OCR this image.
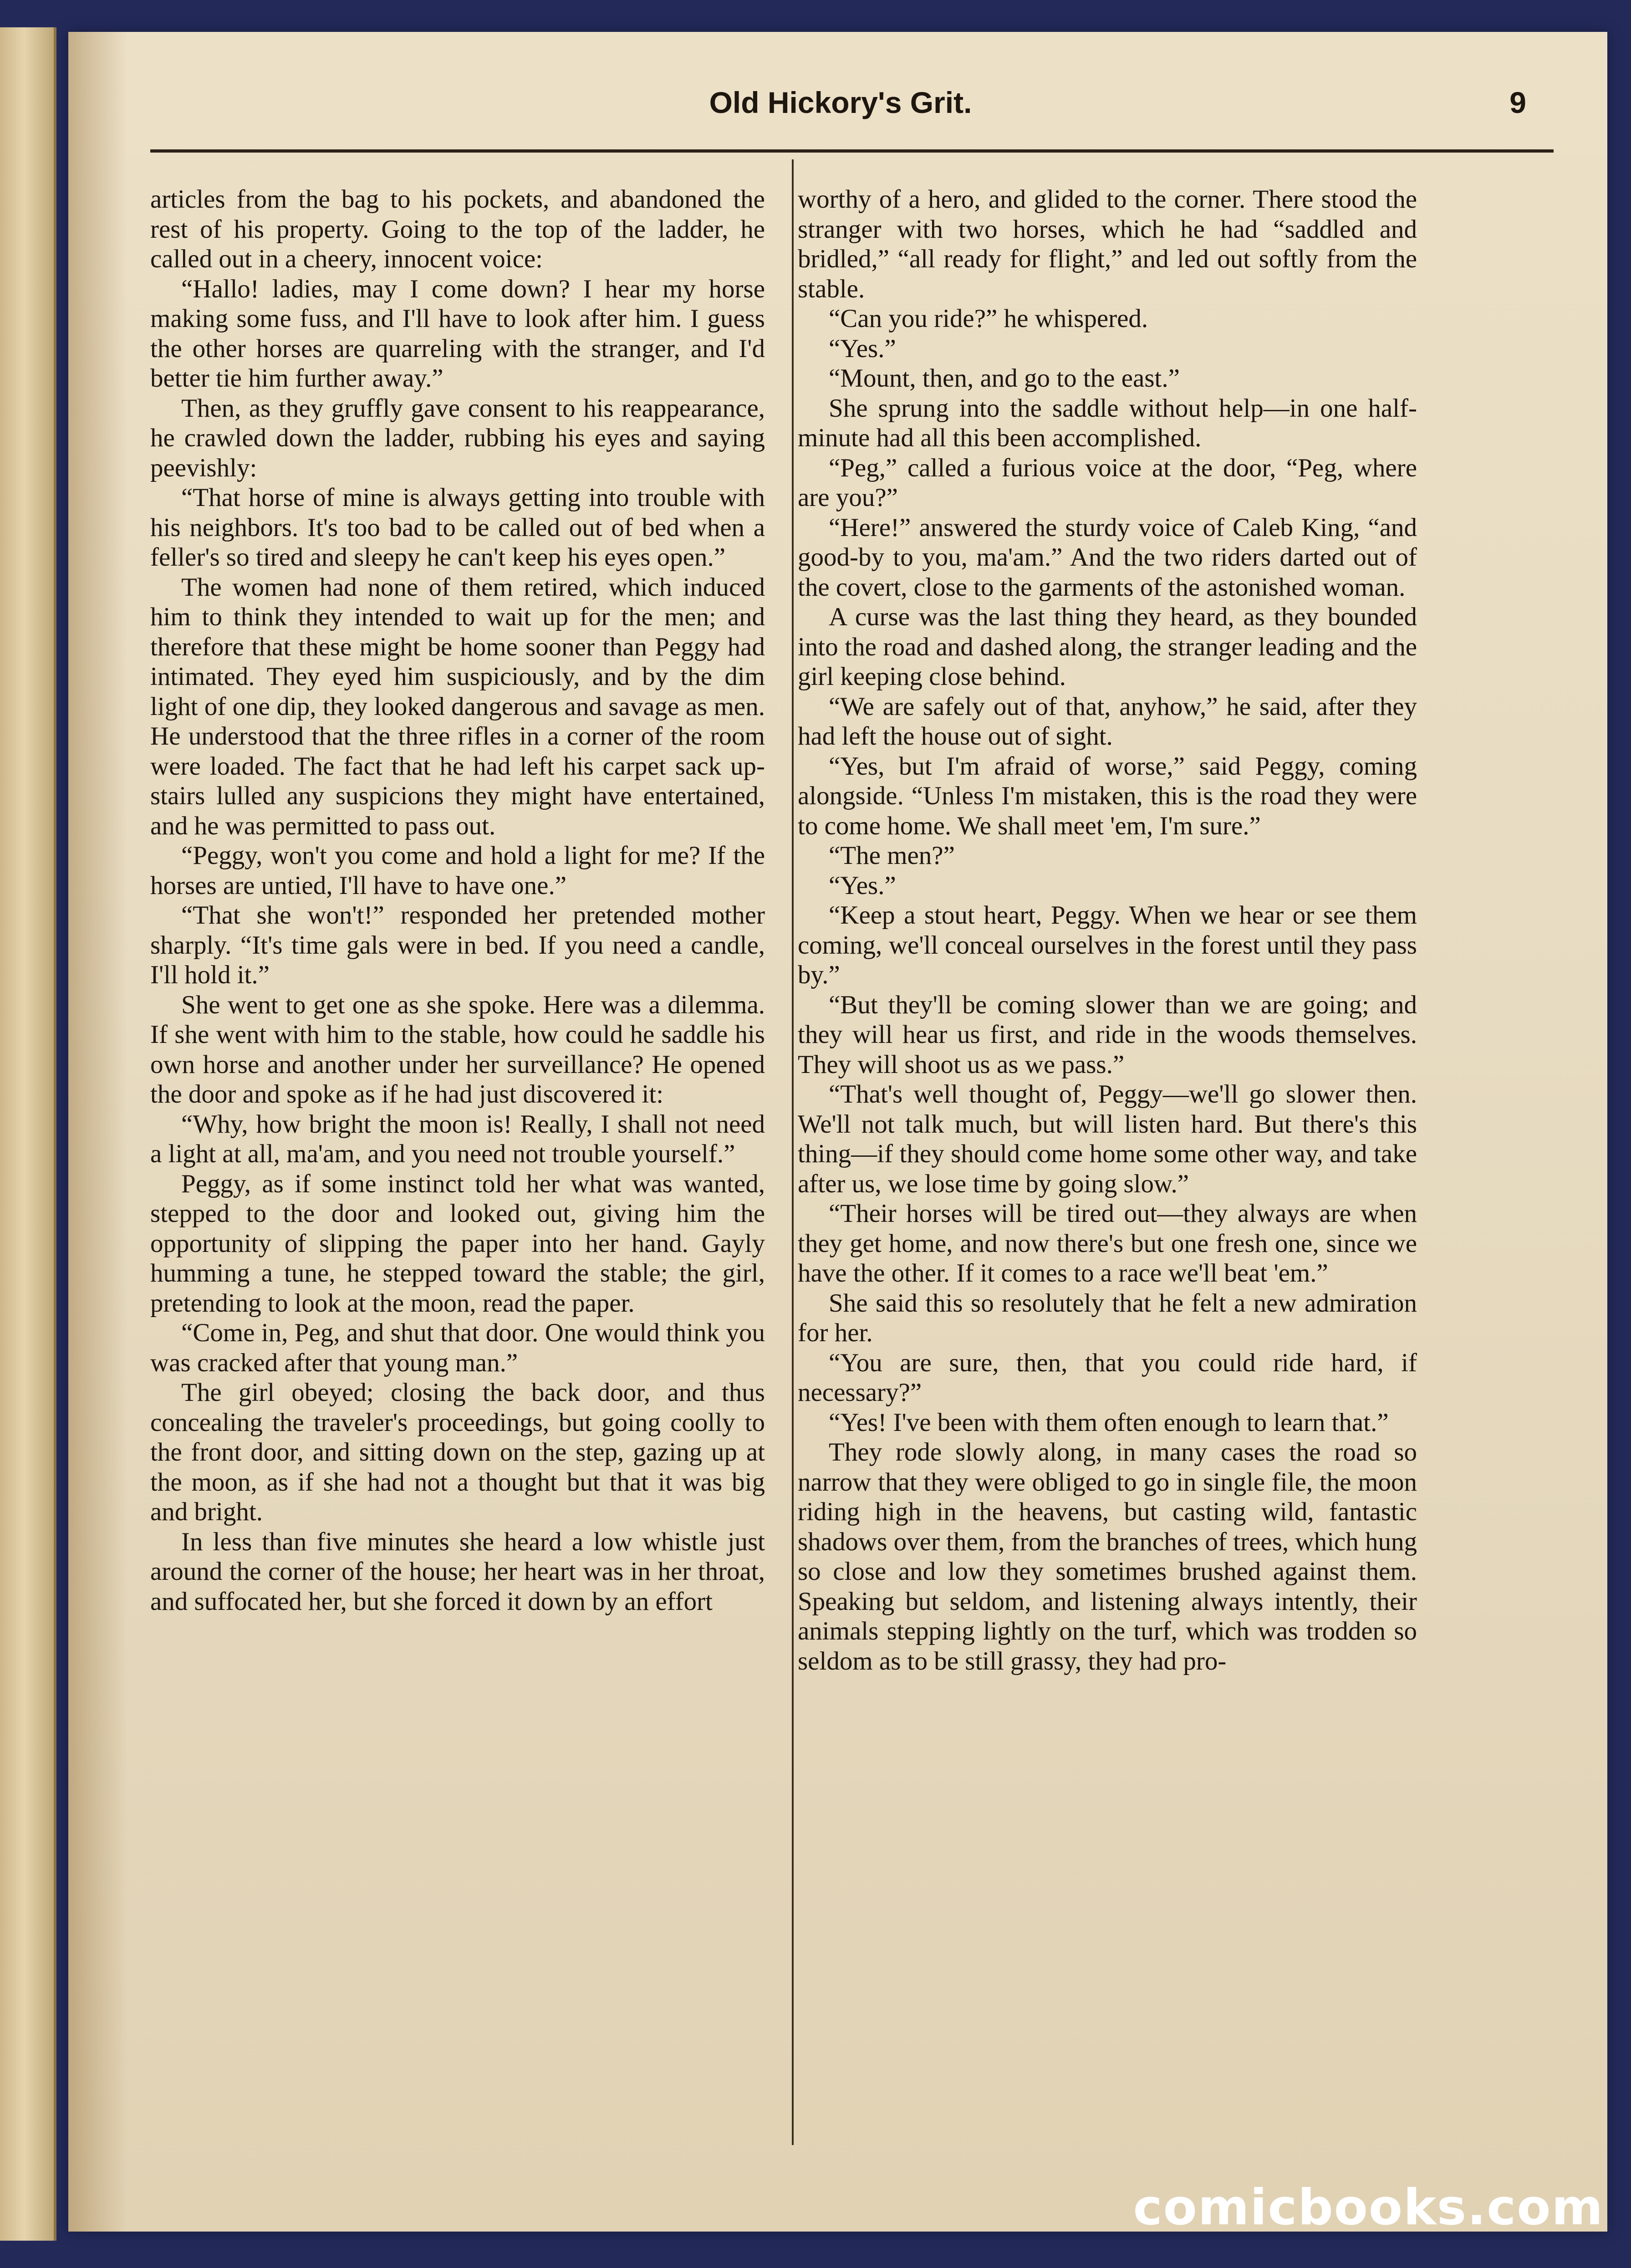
Old Hickory's Grit.	9

articles from the bag to his pockets, and abandoned the rest of his property. Going to the top of the ladder, he called out in a cheery, innocent voice:

“Hallo! ladies, may I come down? I hear my horse making some fuss, and I'll have to look after him. I guess the other horses are quarreling with the stranger, and I'd better tie him further away.”

Then, as they gruffly gave consent to his reappearance, he crawled down the ladder, rubbing his eyes and saying peevishly:

“That horse of mine is always getting into trouble with his neighbors. It's too bad to be called out of bed when a feller's so tired and sleepy he can't keep his eyes open.”

The women had none of them retired, which induced him to think they intended to wait up for the men; and therefore that these might be home sooner than Peggy had intimated. They eyed him suspiciously, and by the dim light of one dip, they looked dangerous and savage as men. He understood that the three rifles in a corner of the room were loaded. The fact that he had left his carpet sack up-stairs lulled any suspicions they might have entertained, and he was permitted to pass out.

“Peggy, won't you come and hold a light for me? If the horses are untied, I'll have to have one.”

“That she won't!” responded her pretended mother sharply. “It's time gals were in bed. If you need a candle, I'll hold it.”

She went to get one as she spoke. Here was a dilemma. If she went with him to the stable, how could he saddle his own horse and another under her surveillance? He opened the door and spoke as if he had just discovered it:

“Why, how bright the moon is! Really, I shall not need a light at all, ma'am, and you need not trouble yourself.”

Peggy, as if some instinct told her what was wanted, stepped to the door and looked out, giving him the opportunity of slipping the paper into her hand. Gayly humming a tune, he stepped toward the stable; the girl, pretending to look at the moon, read the paper.

“Come in, Peg, and shut that door. One would think you was cracked after that young man.”

The girl obeyed; closing the back door, and thus concealing the traveler's proceedings, but going coolly to the front door, and sitting down on the step, gazing up at the moon, as if she had not a thought but that it was big and bright.

In less than five minutes she heard a low whistle just around the corner of the house; her heart was in her throat, and suffocated her, but she forced it down by an effort

worthy of a hero, and glided to the corner. There stood the stranger with two horses, which he had “saddled and bridled,” “all ready for flight,” and led out softly from the stable.

“Can you ride?” he whispered.

“Yes.”

“Mount, then, and go to the east.”

She sprung into the saddle without help—in one half-minute had all this been accomplished.

“Peg,” called a furious voice at the door, “Peg, where are you?”

“Here!” answered the sturdy voice of Caleb King, “and good-by to you, ma'am.” And the two riders darted out of the covert, close to the garments of the astonished woman.

A curse was the last thing they heard, as they bounded into the road and dashed along, the stranger leading and the girl keeping close behind.

“We are safely out of that, anyhow,” he said, after they had left the house out of sight.

“Yes, but I'm afraid of worse,” said Peggy, coming alongside. “Unless I'm mistaken, this is the road they were to come home. We shall meet 'em, I'm sure.”

“The men?”

“Yes.”

“Keep a stout heart, Peggy. When we hear or see them coming, we'll conceal ourselves in the forest until they pass by.”

“But they'll be coming slower than we are going; and they will hear us first, and ride in the woods themselves. They will shoot us as we pass.”

“That's well thought of, Peggy—we'll go slower then. We'll not talk much, but will listen hard. But there's this thing—if they should come home some other way, and take after us, we lose time by going slow.”

“Their horses will be tired out—they always are when they get home, and now there's but one fresh one, since we have the other. If it comes to a race we'll beat 'em.”

She said this so resolutely that he felt a new admiration for her.

“You are sure, then, that you could ride hard, if necessary?”

“Yes! I've been with them often enough to learn that.”

They rode slowly along, in many cases the road so narrow that they were obliged to go in single file, the moon riding high in the heavens, but casting wild, fantastic shadows over them, from the branches of trees, which hung so close and low they sometimes brushed against them. Speaking but seldom, and listening always intently, their animals stepping lightly on the turf, which was trodden so seldom as to be still grassy, they had pro-

comicbooks.com
